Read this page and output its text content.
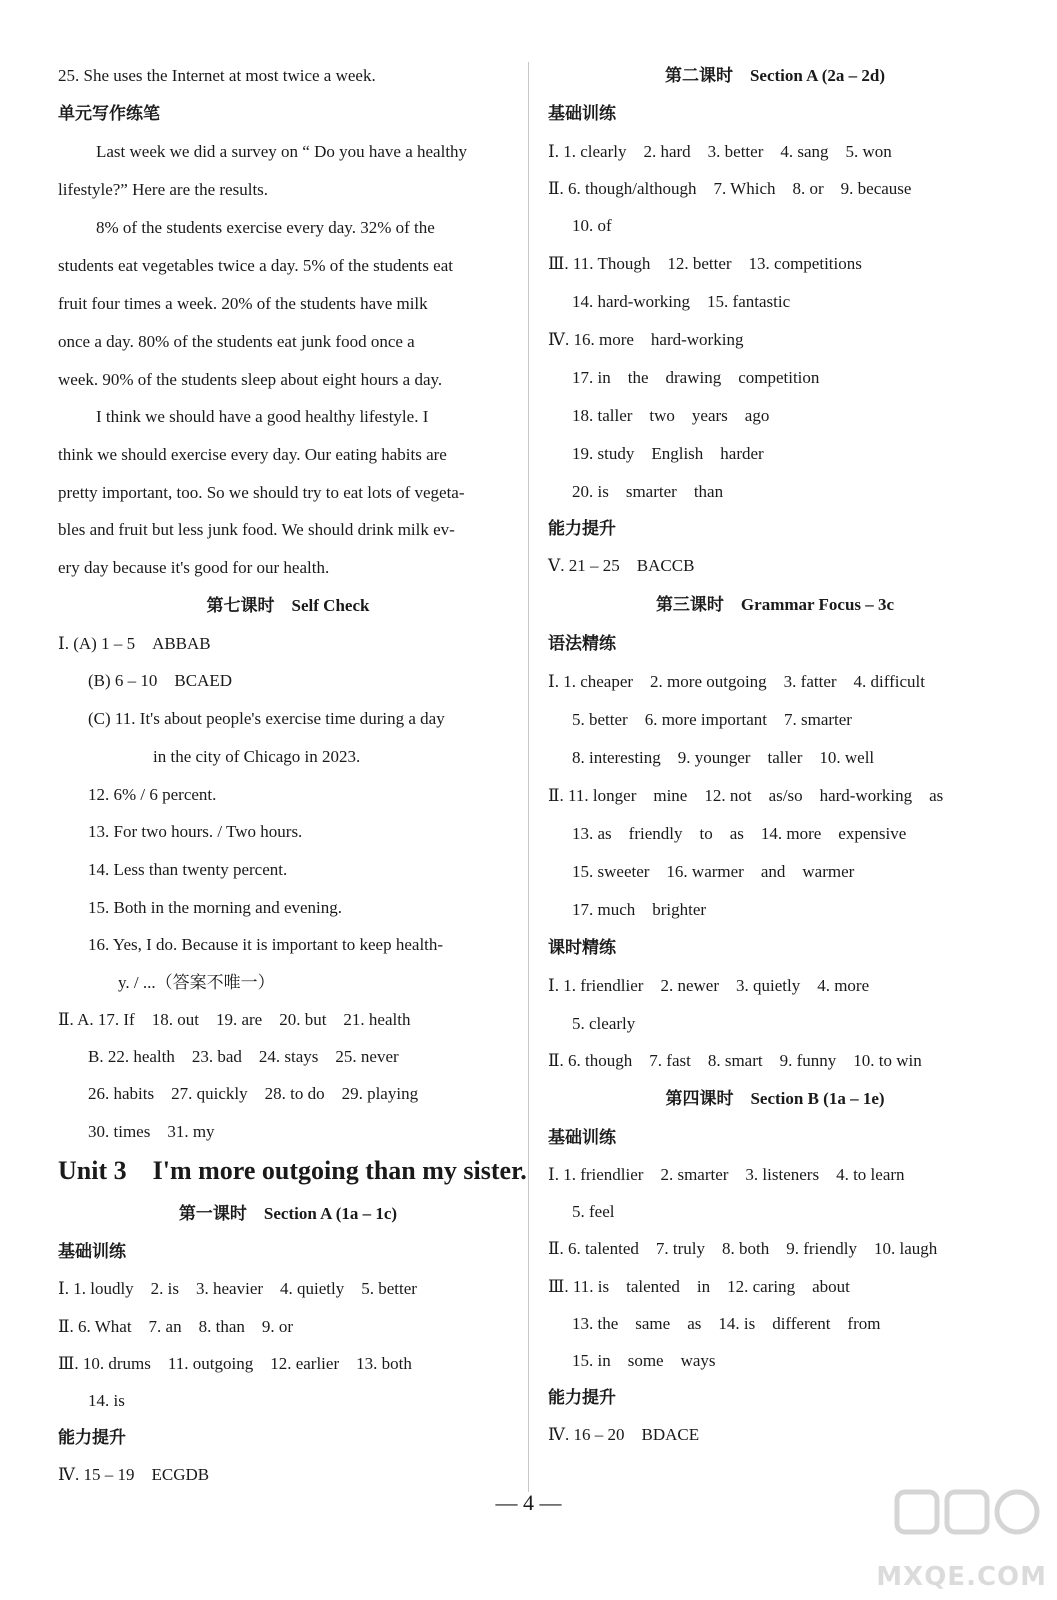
25. She uses the Internet at most twice a week.
单元写作练笔
Last week we did a survey on “ Do you have a healthy
lifestyle?” Here are the results.
8% of the students exercise every day. 32% of the
students eat vegetables twice a day. 5% of the students eat
fruit four times a week. 20% of the students have milk
once a day. 80% of the students eat junk food once a
week. 90% of the students sleep about eight hours a day.
I think we should have a good healthy lifestyle. I
think we should exercise every day. Our eating habits are
pretty important, too. So we should try to eat lots of vegeta-
bles and fruit but less junk food. We should drink milk ev-
ery day because it's good for our health.
第七课时　Self Check
Ⅰ. (A) 1 – 5　ABBAB
(B) 6 – 10　BCAED
(C) 11. It's about people's exercise time during a day
in the city of Chicago in 2023.
12. 6% / 6 percent.
13. For two hours. / Two hours.
14. Less than twenty percent.
15. Both in the morning and evening.
16. Yes, I do. Because it is important to keep health-
y. / ...（答案不唯一）
Ⅱ. A. 17. If　18. out　19. are　20. but　21. health
B. 22. health　23. bad　24. stays　25. never
26. habits　27. quickly　28. to do　29. playing
30. times　31. my
Unit 3　I'm more outgoing than my sister.
第一课时　Section A (1a – 1c)
基础训练
Ⅰ. 1. loudly　2. is　3. heavier　4. quietly　5. better
Ⅱ. 6. What　7. an　8. than　9. or
Ⅲ. 10. drums　11. outgoing　12. earlier　13. both
14. is
能力提升
Ⅳ. 15 – 19　ECGDB
第二课时　Section A (2a – 2d)
基础训练
Ⅰ. 1. clearly　2. hard　3. better　4. sang　5. won
Ⅱ. 6. though/although　7. Which　8. or　9. because
10. of
Ⅲ. 11. Though　12. better　13. competitions
14. hard-working　15. fantastic
Ⅳ. 16. more　hard-working
17. in　the　drawing　competition
18. taller　two　years　ago
19. study　English　harder
20. is　smarter　than
能力提升
Ⅴ. 21 – 25　BACCB
第三课时　Grammar Focus – 3c
语法精练
Ⅰ. 1. cheaper　2. more outgoing　3. fatter　4. difficult
5. better　6. more important　7. smarter
8. interesting　9. younger　taller　10. well
Ⅱ. 11. longer　mine　12. not　as/so　hard-working　as
13. as　friendly　to　as　14. more　expensive
15. sweeter　16. warmer　and　warmer
17. much　brighter
课时精练
Ⅰ. 1. friendlier　2. newer　3. quietly　4. more
5. clearly
Ⅱ. 6. though　7. fast　8. smart　9. funny　10. to win
第四课时　Section B (1a – 1e)
基础训练
Ⅰ. 1. friendlier　2. smarter　3. listeners　4. to learn
5. feel
Ⅱ. 6. talented　7. truly　8. both　9. friendly　10. laugh
Ⅲ. 11. is　talented　in　12. caring　about
13. the　same　as　14. is　different　from
15. in　some　ways
能力提升
Ⅳ. 16 – 20　BDACE
— 4 —
MXQE.COM
